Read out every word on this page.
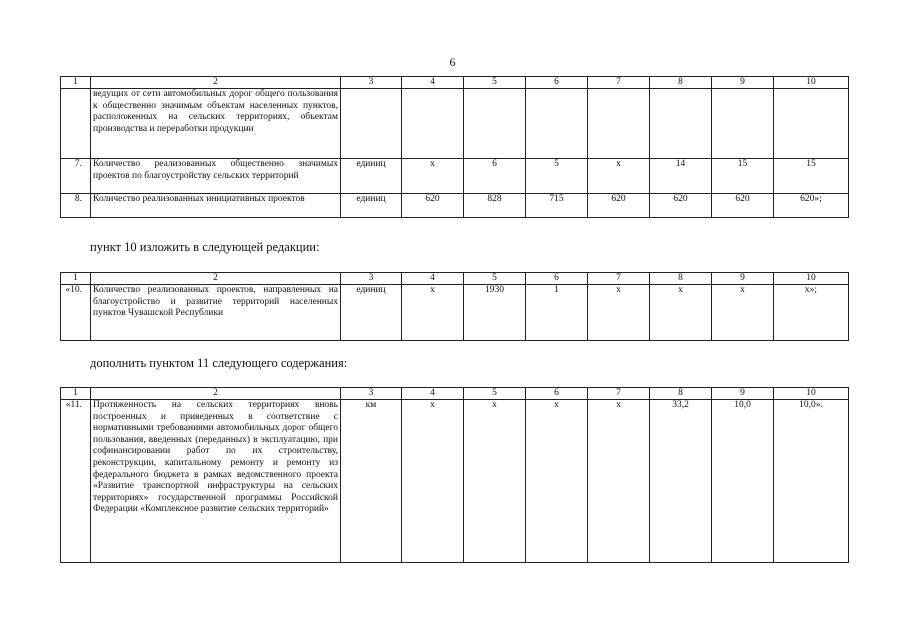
6
1	2	3	4	5	6	7	8	9	10
	ведущих от сети автомобильных дорог общего пользования к общественно значимым объектам населенных пунктов, расположенных на сельских территориях, объектам производства и переработки продукции								
7.	Количество реализованных общественно значимых проектов по благоустройству сельских территорий	единиц	х	6	5	х	14	15	15
8.	Количество реализованных инициативных проектов	единиц	620	828	715	620	620	620	620»;
пункт 10 изложить в следующей редакции:
1	2	3	4	5	6	7	8	9	10
«10.	Количество реализованных проектов, направленных на благоустройство и развитие территорий населенных пунктов Чувашской Республики	единиц	х	1930	1	х	х	х	х»;
дополнить пунктом 11 следующего содержания:
1	2	3	4	5	6	7	8	9	10
«11.	Протяженность на сельских территориях вновь построенных и приведенных в соответствие с нормативными требованиями автомобильных дорог общего пользования, введенных (переданных) в эксплуатацию, при софинансировании работ по их строительству, реконструкции, капитальному ремонту и ремонту из федерального бюджета в рамках ведомственного проекта «Развитие транспортной инфраструктуры на сельских территориях» государственной программы Российской Федерации «Комплексное развитие сельских территорий»	км	х	х	х	х	33,2	10,0	10,0».
